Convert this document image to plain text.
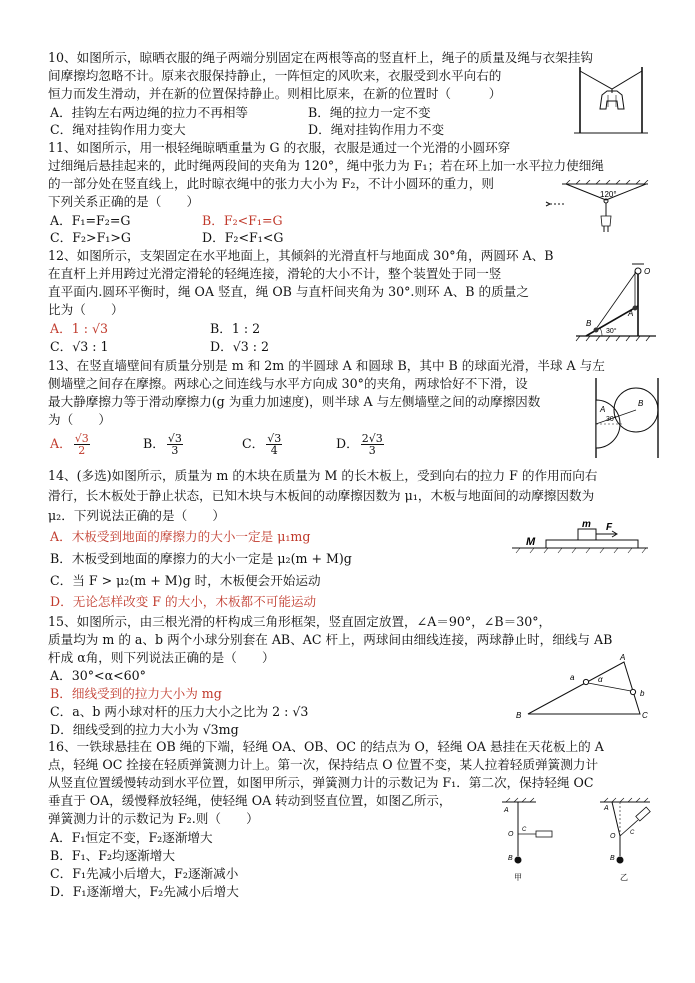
10、如图所示，晾晒衣服的绳子两端分别固定在两根等高的竖直杆上，绳子的质量及绳与衣架挂钩
间摩擦均忽略不计。原来衣服保持静止，一阵恒定的风吹来，衣服受到水平向右的
恒力而发生滑动，并在新的位置保持静止。则相比原来，在新的位置时（　　　）
A．挂钩左右两边绳的拉力不再相等	B．绳的拉力一定不变
C．绳对挂钩作用力变大	D．绳对挂钩作用力不变
11、如图所示，用一根轻绳晾晒重量为 G 的衣服，衣服是通过一个光滑的小圆环穿
过细绳后悬挂起来的，此时绳两段间的夹角为 120°，绳中张力为 F₁；若在环上加一水平拉力使细绳
的一部分处在竖直线上，此时晾衣绳中的张力大小为 F₂，不计小圆环的重力，则
下列关系正确的是（　　）
A．F₁=F₂=G	B．F₂<F₁=G
C．F₂>F₁>G	D．F₂<F₁<G
120°
12、如图所示，支架固定在水平地面上，其倾斜的光滑直杆与地面成 30°角，两圆环 A、B
在直杆上并用跨过光滑定滑轮的轻绳连接，滑轮的大小不计，整个装置处于同一竖
直平面内.圆环平衡时，绳 OA 竖直，绳 OB 与直杆间夹角为 30°.则环 A、B 的质量之
比为（　　）
A．1 : √3	B．1 : 2
C．√3 : 1	D．√3 : 2
O
A
B
30°
13、在竖直墙壁间有质量分别是 m 和 2m 的半圆球 A 和圆球 B，其中 B 的球面光滑，半球 A 与左
侧墙壁之间存在摩擦。两球心之间连线与水平方向成 30°的夹角，两球恰好不下滑，设
最大静摩擦力等于滑动摩擦力(g 为重力加速度)，则半球 A 与左侧墙壁之间的动摩擦因数
为（　　）
A． $\frac{√3}{2}$	B． $\frac{√3}{3}$	C． $\frac{√3}{4}$	D． $\frac{2√3}{3}$
A
B
30°
14、(多选)如图所示，质量为 m 的木块在质量为 M 的长木板上，受到向右的拉力 F 的作用而向右
滑行，长木板处于静止状态，已知木块与木板间的动摩擦因数为 μ₁，木板与地面间的动摩擦因数为
μ₂．下列说法正确的是（　　）
A．木板受到地面的摩擦力的大小一定是 μ₁mg
B．木板受到地面的摩擦力的大小一定是 μ₂(m + M)g
C．当 F > μ₂(m + M)g 时，木板便会开始运动
D．无论怎样改变 F 的大小，木板都不可能运动
M
m F
15、如图所示，由三根光滑的杆构成三角形框架，竖直固定放置，∠A＝90°，∠B＝30°，
质量均为 m 的 a、b 两个小球分别套在 AB、AC 杆上，两球间由细线连接，两球静止时，细线与 AB
杆成 α角，则下列说法正确的是（　　）
A．30°<α<60°
B．细线受到的拉力大小为 mg
C．a、b 两小球对杆的压力大小之比为 2 : √3
D．细线受到的拉力大小为 √3mg
A
B	C
a
b
α
16、一铁球悬挂在 OB 绳的下端，轻绳 OA、OB、OC 的结点为 O，轻绳 OA 悬挂在天花板上的 A
点，轻绳 OC 拴接在轻质弹簧测力计上。第一次，保持结点 O 位置不变，某人拉着轻质弹簧测力计
从竖直位置缓慢转动到水平位置，如图甲所示，弹簧测力计的示数记为 F₁．第二次，保持轻绳 OC
垂直于 OA，缓慢释放轻绳，使轻绳 OA 转动到竖直位置，如图乙所示，
弹簧测力计的示数记为 F₂.则（　　）
A．F₁恒定不变，F₂逐渐增大
B．F₁、F₂均逐渐增大
C．F₁先减小后增大，F₂逐渐减小
D．F₁逐渐增大，F₂先减小后增大
A
O
C
B
甲
A
O C
B
乙
